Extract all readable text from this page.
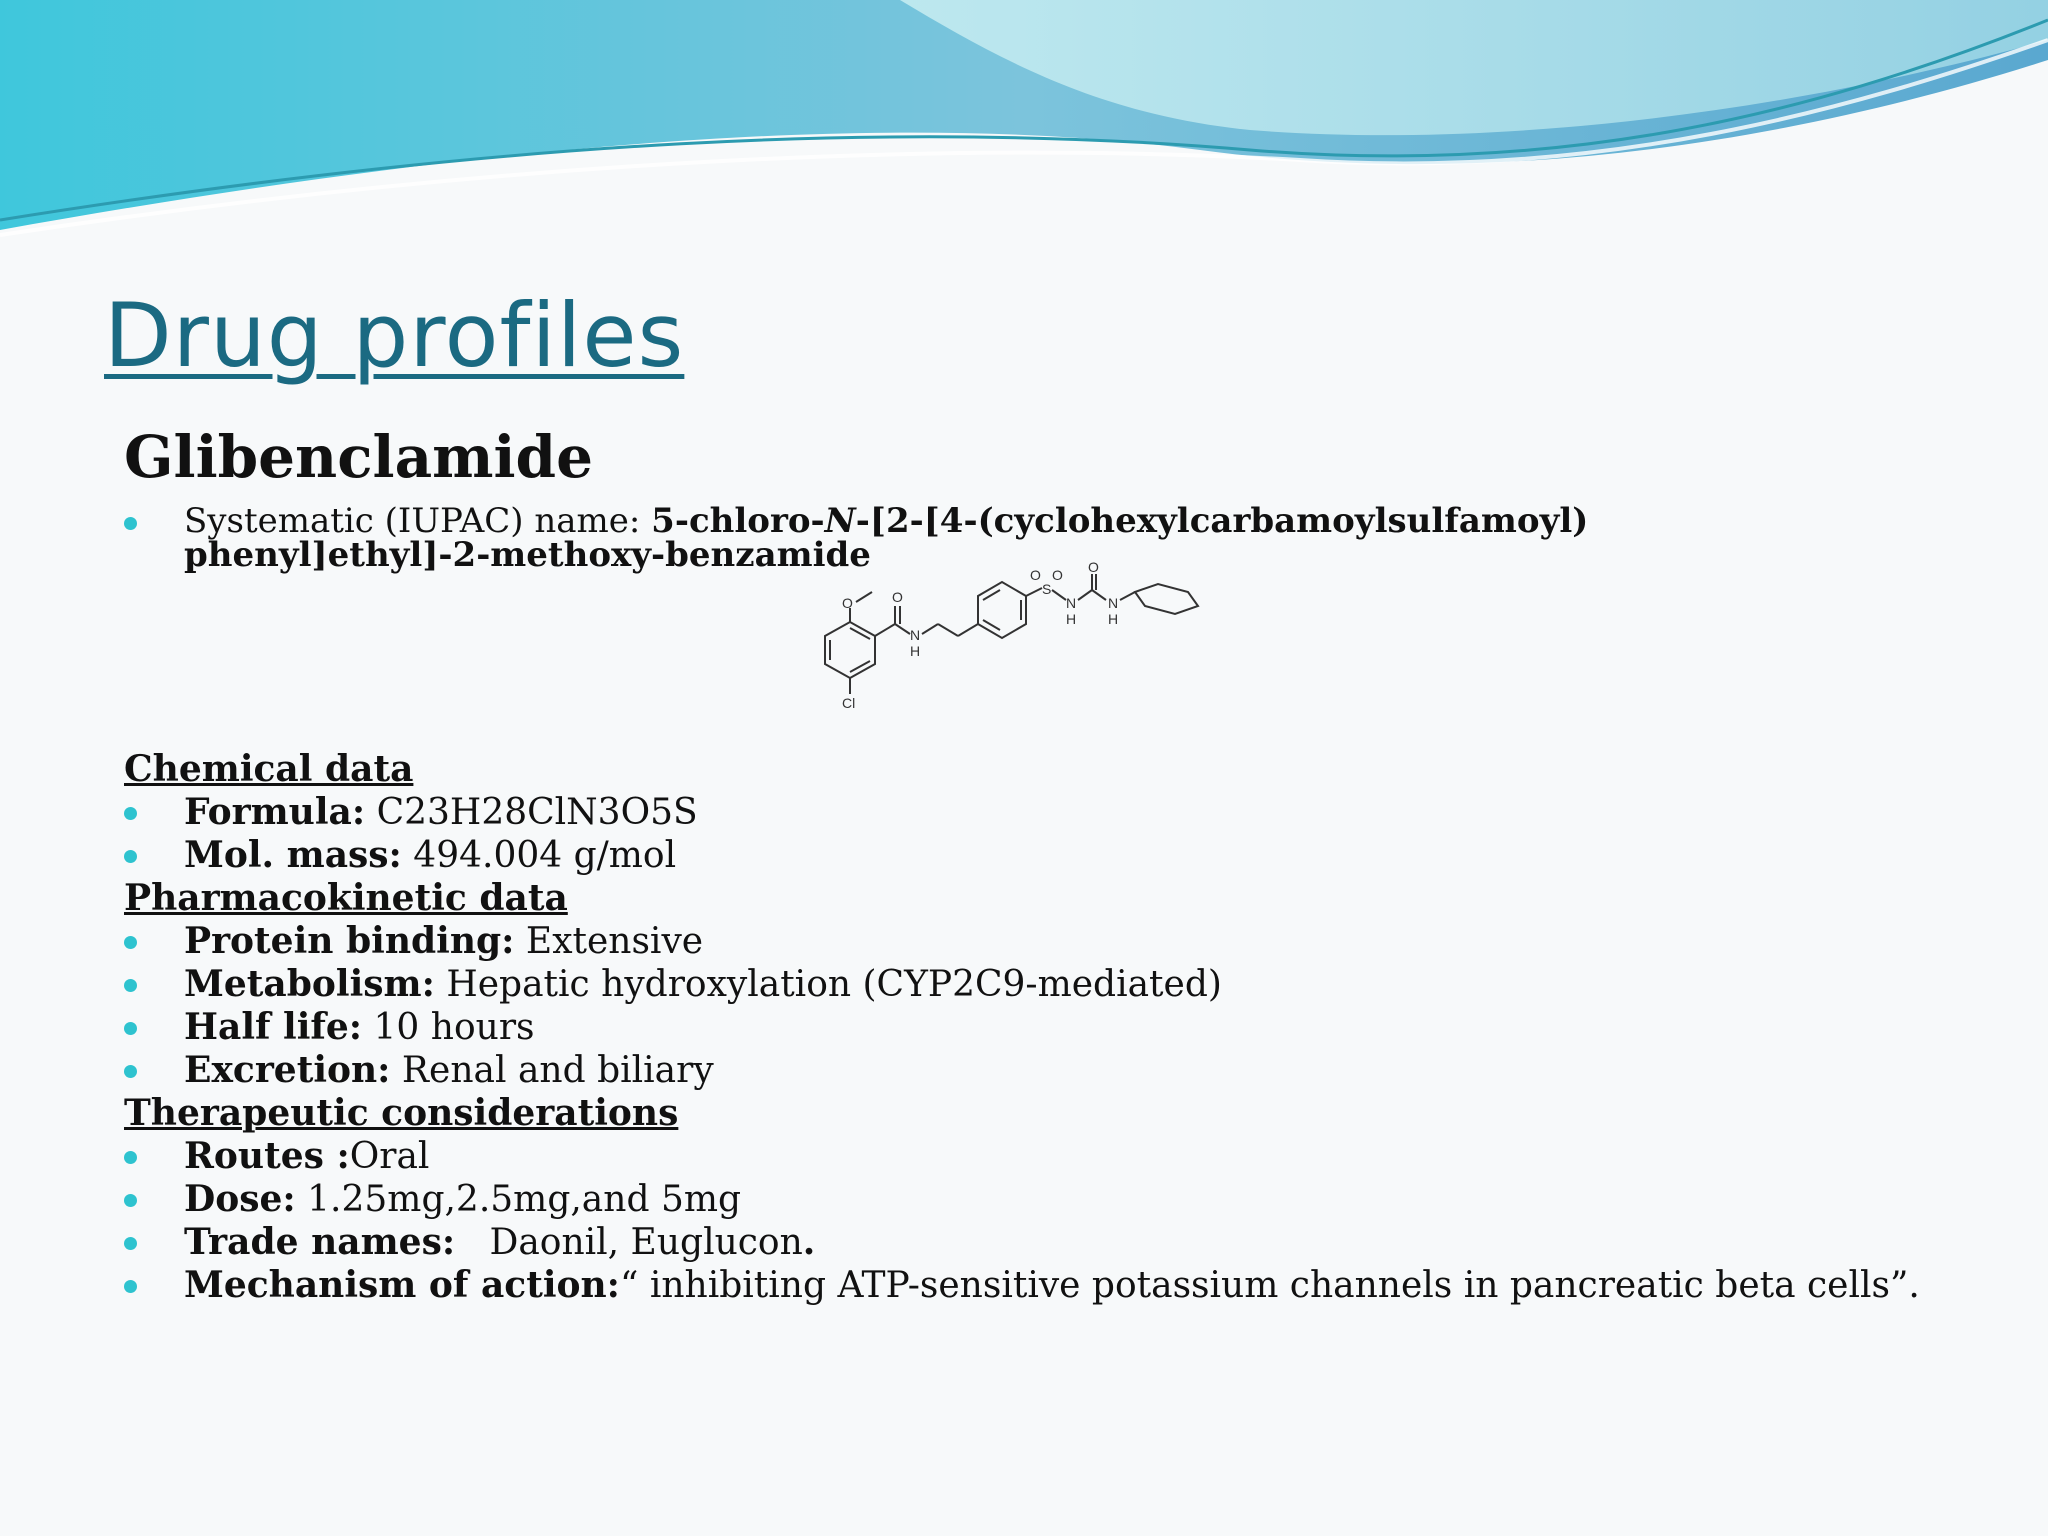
Drug profiles
Glibenclamide
Systematic (IUPAC) name: 5-chloro-N-[2-[4-(cyclohexylcarbamoylsulfamoyl) phenyl]ethyl]-2-methoxy-benzamide
O	O
N
H
S
O O
N
H
O
N
H
Cl
Chemical data
Formula: C23H28ClN3O5S
Mol. mass: 494.004 g/mol
Pharmacokinetic data
Protein binding: Extensive
Metabolism: Hepatic hydroxylation (CYP2C9-mediated)
Half life: 10 hours
Excretion: Renal and biliary
Therapeutic considerations
Routes :Oral
Dose: 1.25mg,2.5mg,and 5mg
Trade names:   Daonil, Euglucon.
Mechanism of action:“ inhibiting ATP-sensitive potassium channels in pancreatic beta cells”.
